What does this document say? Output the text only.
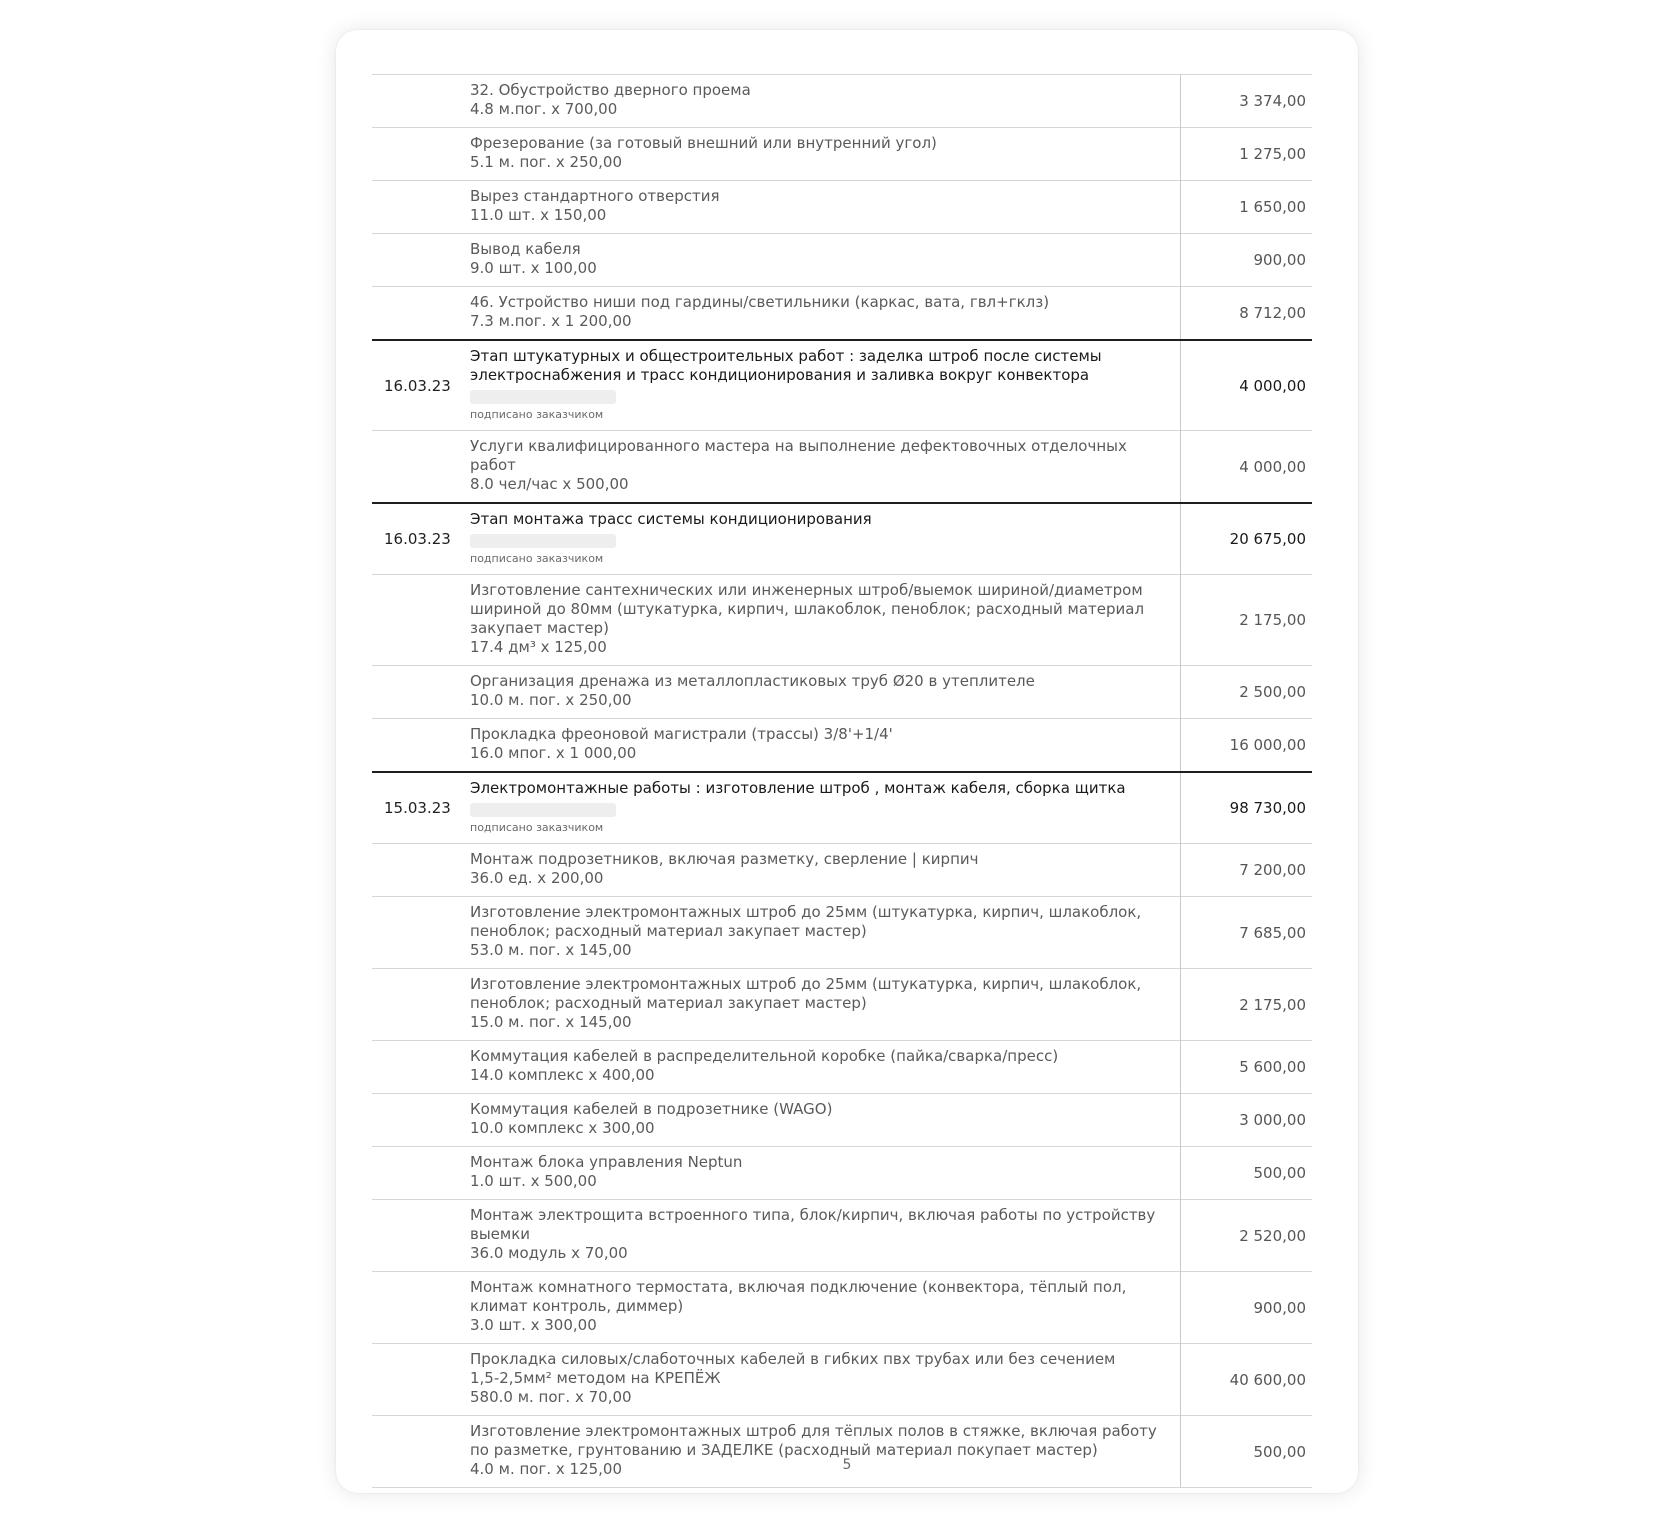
	32. Обустройство дверного проема
4.8 м.пог. х 700,00	3 374,00

	Фрезерование (за готовый внешний или внутренний угол)
5.1 м. пог. х 250,00	1 275,00

	Вырез стандартного отверстия
11.0 шт. х 150,00	1 650,00

	Вывод кабеля
9.0 шт. х 100,00	900,00

	46. Устройство ниши под гардины/светильники (каркас, вата, гвл+гклз)
7.3 м.пог. х 1 200,00	8 712,00
16.03.23	Этап штукатурных и общестроительных работ : заделка штроб после системы
электроснабжения и трасс кондиционирования и заливка вокруг конвектора
подписано заказчиком	4 000,00

	Услуги квалифицированного мастера на выполнение дефектовочных отделочных
работ
8.0 чел/час х 500,00	4 000,00
16.03.23	Этап монтажа трасс системы кондиционирования
подписано заказчиком	20 675,00

	Изготовление сантехнических или инженерных штроб/выемок шириной/диаметром
шириной до 80мм (штукатурка, кирпич, шлакоблок, пеноблок; расходный материал
закупает мастер)
17.4 дм³ х 125,00	2 175,00

	Организация дренажа из металлопластиковых труб Ø20 в утеплителе
10.0 м. пог. х 250,00	2 500,00

	Прокладка фреоновой магистрали (трассы) 3/8'+1/4'
16.0 мпог. х 1 000,00	16 000,00
15.03.23	Электромонтажные работы : изготовление штроб , монтаж кабеля, сборка щитка
подписано заказчиком	98 730,00

	Монтаж подрозетников, включая разметку, сверление | кирпич
36.0 ед. х 200,00	7 200,00

	Изготовление электромонтажных штроб до 25мм (штукатурка, кирпич, шлакоблок,
пеноблок; расходный материал закупает мастер)
53.0 м. пог. х 145,00	7 685,00

	Изготовление электромонтажных штроб до 25мм (штукатурка, кирпич, шлакоблок,
пеноблок; расходный материал закупает мастер)
15.0 м. пог. х 145,00	2 175,00

	Коммутация кабелей в распределительной коробке (пайка/сварка/пресс)
14.0 комплекс х 400,00	5 600,00

	Коммутация кабелей в подрозетнике (WAGO)
10.0 комплекс х 300,00	3 000,00

	Монтаж блока управления Neptun
1.0 шт. х 500,00	500,00

	Монтаж электрощита встроенного типа, блок/кирпич, включая работы по устройству
выемки
36.0 модуль х 70,00	2 520,00

	Монтаж комнатного термостата, включая подключение (конвектора, тёплый пол,
климат контроль, диммер)
3.0 шт. х 300,00	900,00

	Прокладка силовых/слаботочных кабелей в гибких пвх трубах или без сечением
1,5-2,5мм² методом на КРЕПЁЖ
580.0 м. пог. х 70,00	40 600,00

	Изготовление электромонтажных штроб для тёплых полов в стяжке, включая работу
по разметке, грунтованию и ЗАДЕЛКЕ (расходный материал покупает мастер)
4.0 м. пог. х 125,00	500,00
5
